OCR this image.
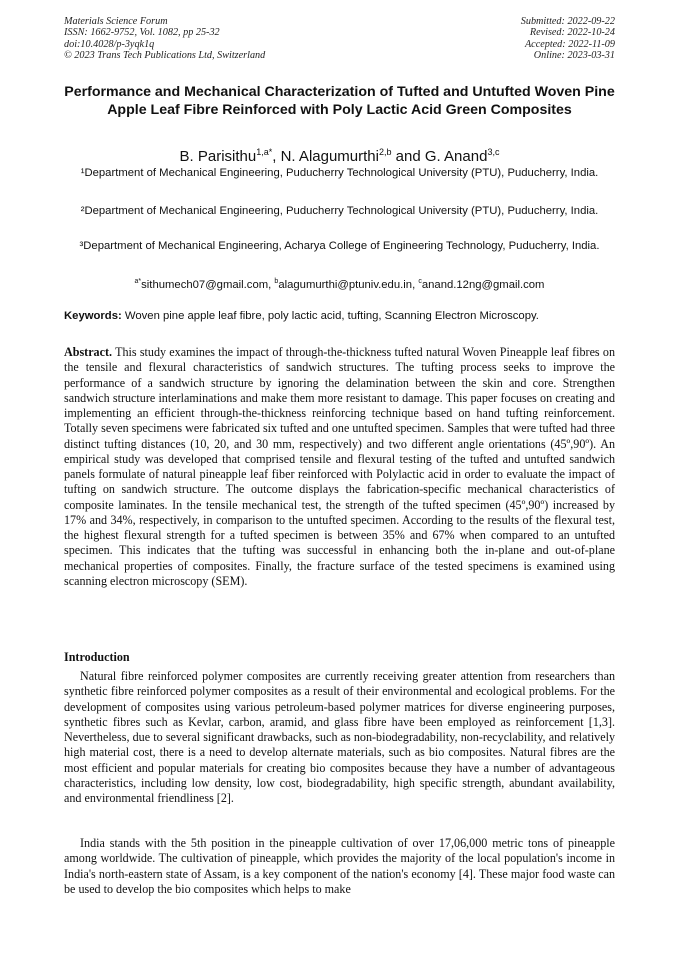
Materials Science Forum
ISSN: 1662-9752, Vol. 1082, pp 25-32
doi:10.4028/p-3yqk1q
© 2023 Trans Tech Publications Ltd, Switzerland
Submitted: 2022-09-22
Revised: 2022-10-24
Accepted: 2022-11-09
Online: 2023-03-31
Performance and Mechanical Characterization of Tufted and Untufted Woven Pine Apple Leaf Fibre Reinforced with Poly Lactic Acid Green Composites
B. Parisithu$^{1,a*}$, N. Alagumurthi$^{2,b}$ and G. Anand$^{3,c}$
¹Department of Mechanical Engineering, Puducherry Technological University (PTU), Puducherry, India.
²Department of Mechanical Engineering, Puducherry Technological University (PTU), Puducherry, India.
³Department of Mechanical Engineering, Acharya College of Engineering Technology, Puducherry, India.
$^{a*}$sithumech07@gmail.com, $^b$alagumurthi@ptuniv.edu.in, $^c$anand.12ng@gmail.com
Keywords: Woven pine apple leaf fibre, poly lactic acid, tufting, Scanning Electron Microscopy.
Abstract. This study examines the impact of through-the-thickness tufted natural Woven Pineapple leaf fibres on the tensile and flexural characteristics of sandwich structures. The tufting process seeks to improve the performance of a sandwich structure by ignoring the delamination between the skin and core. Strengthen sandwich structure interlaminations and make them more resistant to damage. This paper focuses on creating and implementing an efficient through-the-thickness reinforcing technique based on hand tufting reinforcement. Totally seven specimens were fabricated six tufted and one untufted specimen. Samples that were tufted had three distinct tufting distances (10, 20, and 30 mm, respectively) and two different angle orientations (45º,90º). An empirical study was developed that comprised tensile and flexural testing of the tufted and untufted sandwich panels formulate of natural pineapple leaf fiber reinforced with Polylactic acid in order to evaluate the impact of tufting on sandwich structure. The outcome displays the fabrication-specific mechanical characteristics of composite laminates. In the tensile mechanical test, the strength of the tufted specimen (45º,90º) increased by 17% and 34%, respectively, in comparison to the untufted specimen. According to the results of the flexural test, the highest flexural strength for a tufted specimen is between 35% and 67% when compared to an untufted specimen. This indicates that the tufting was successful in enhancing both the in-plane and out-of-plane mechanical properties of composites. Finally, the fracture surface of the tested specimens is examined using scanning electron microscopy (SEM).
Introduction
Natural fibre reinforced polymer composites are currently receiving greater attention from researchers than synthetic fibre reinforced polymer composites as a result of their environmental and ecological problems. For the development of composites using various petroleum-based polymer matrices for diverse engineering purposes, synthetic fibres such as Kevlar, carbon, aramid, and glass fibre have been employed as reinforcement [1,3]. Nevertheless, due to several significant drawbacks, such as non-biodegradability, non-recyclability, and relatively high material cost, there is a need to develop alternate materials, such as bio composites. Natural fibres are the most efficient and popular materials for creating bio composites because they have a number of advantageous characteristics, including low density, low cost, biodegradability, high specific strength, abundant availability, and environmental friendliness [2].
India stands with the 5th position in the pineapple cultivation of over 17,06,000 metric tons of pineapple among worldwide. The cultivation of pineapple, which provides the majority of the local population's income in India's north-eastern state of Assam, is a key component of the nation's economy [4]. These major food waste can be used to develop the bio composites which helps to make
